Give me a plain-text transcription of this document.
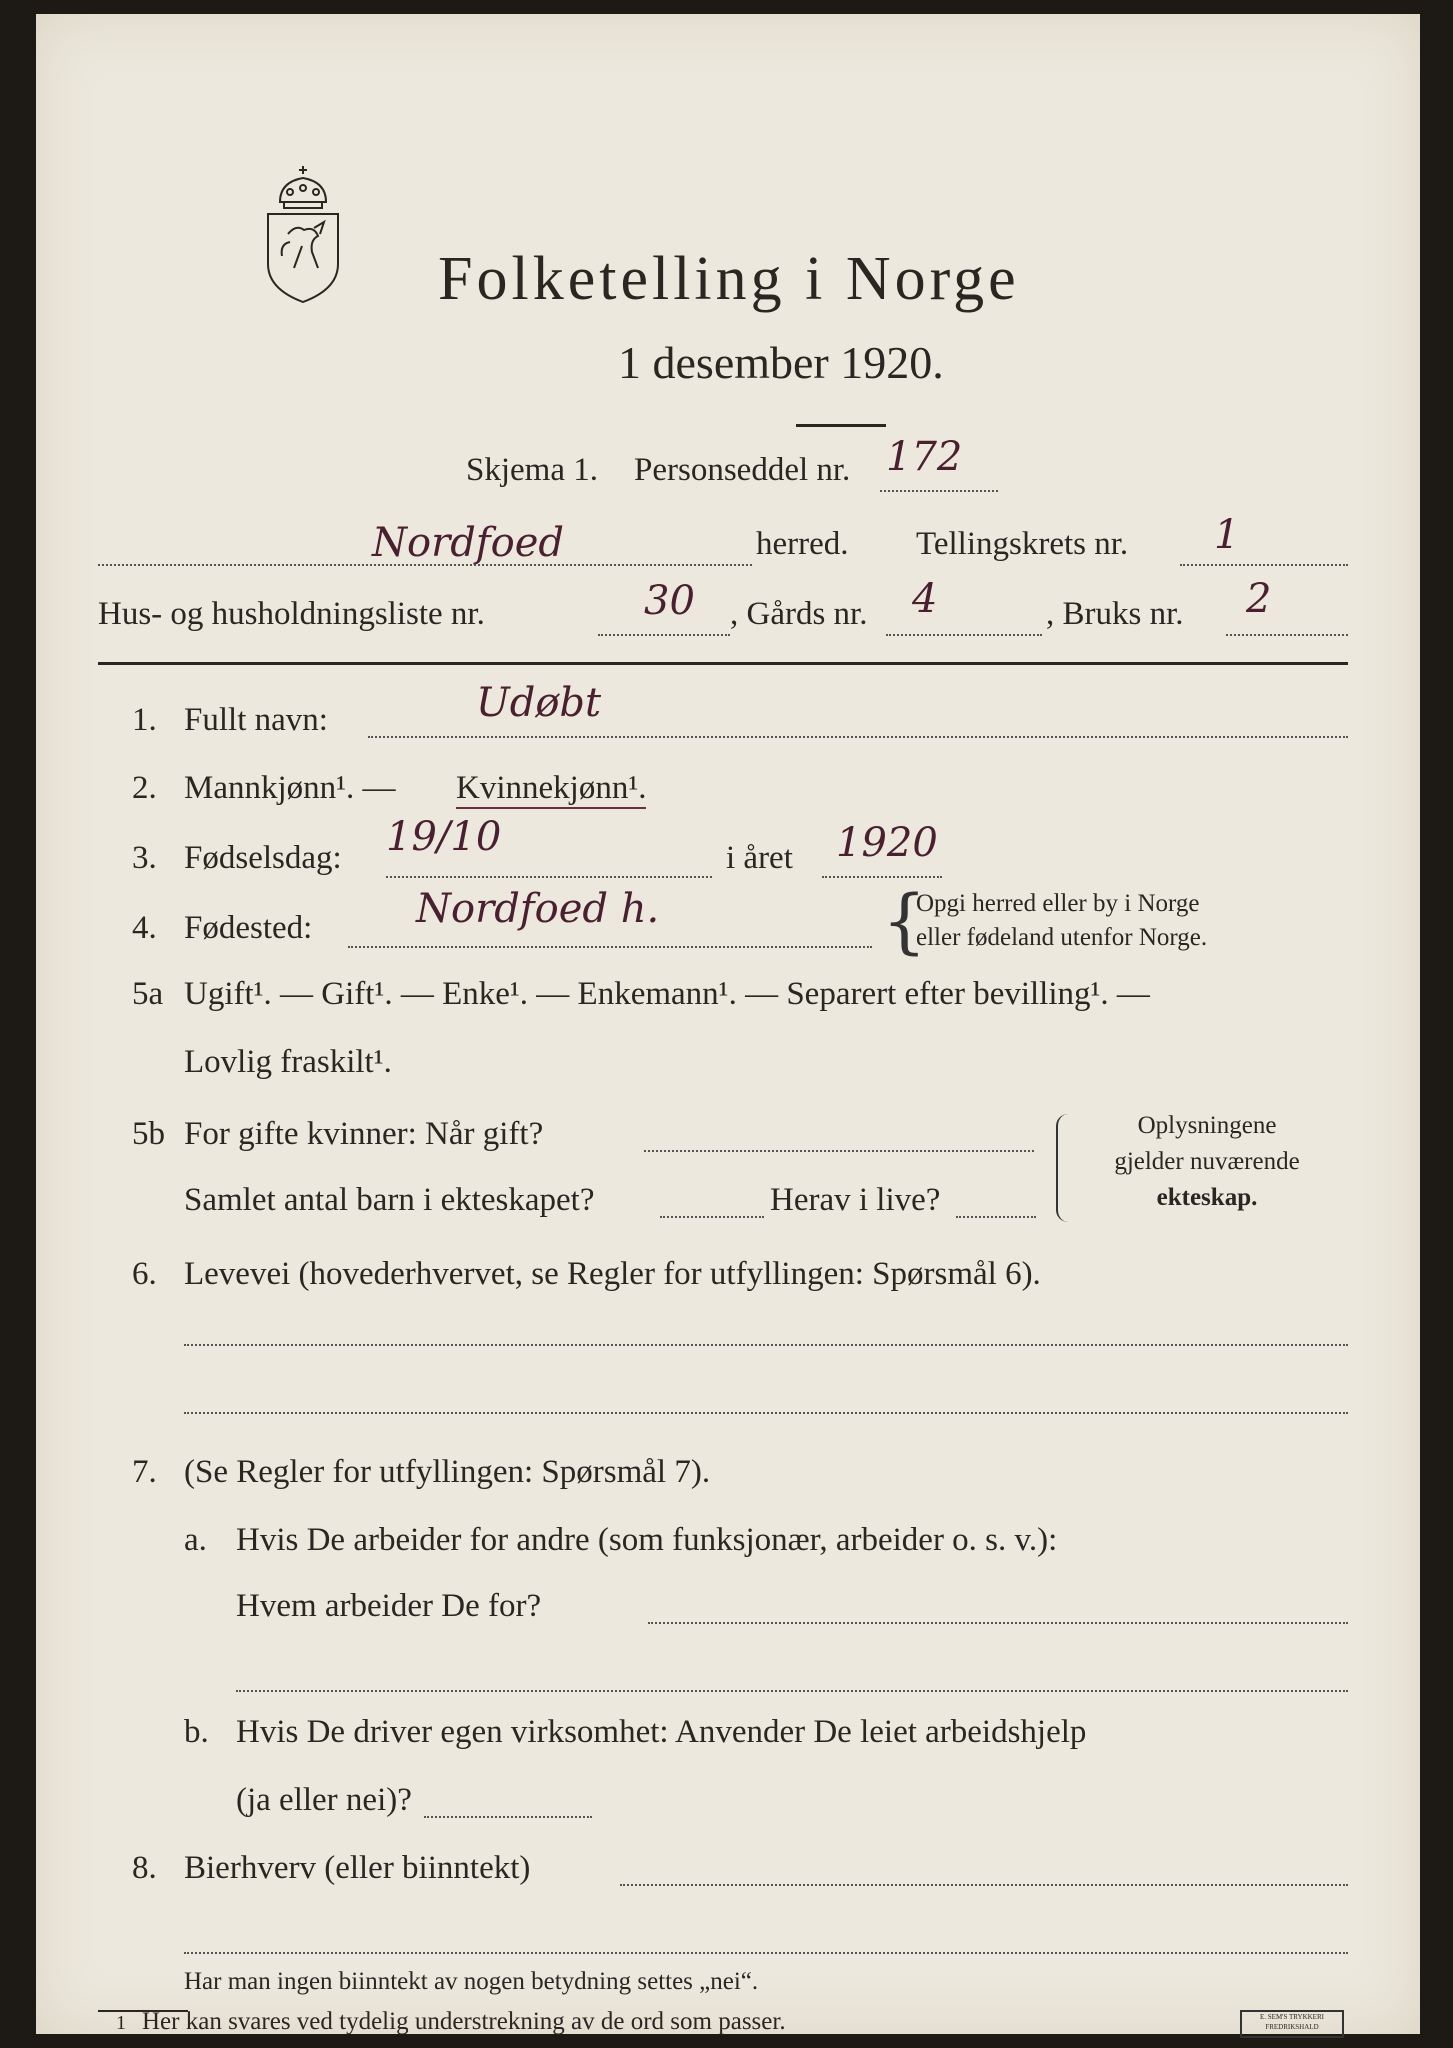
Folketelling i Norge
1 desember 1920.
Skjema 1. Personseddel nr. 172
Nordfoed	herred. Tellingskrets nr. 1
Hus- og husholdningsliste nr.	30 , Gårds nr. 4	, Bruks nr. 2
1. Fullt navn:	Udøbt
2. Mannkjønn¹. — Kvinnekjønn¹.
3. Fødselsdag: 19/10	i året 1920
4. Fødested:	Nordfoed h.	{
Opgi herred eller by i Norge
eller fødeland utenfor Norge.
5a Ugift¹. — Gift¹. — Enke¹. — Enkemann¹. — Separert efter bevilling¹. —
Lovlig fraskilt¹.
5b For gifte kvinner: Når gift?
Samlet antal barn i ekteskapet?	Herav i live?
Oplysningene
gjelder nuværende
ekteskap.
6. Levevei (hovederhvervet, se Regler for utfyllingen: Spørsmål 6).
7. (Se Regler for utfyllingen: Spørsmål 7).
a. Hvis De arbeider for andre (som funksjonær, arbeider o. s. v.):
Hvem arbeider De for?
b. Hvis De driver egen virksomhet: Anvender De leiet arbeidshjelp
(ja eller nei)?
8. Bierhverv (eller biinntekt)
Har man ingen biinntekt av nogen betydning settes „nei“.
1 Her kan svares ved tydelig understrekning av de ord som passer.	E. SEM'S TRYKKERI
FREDRIKSHALD
